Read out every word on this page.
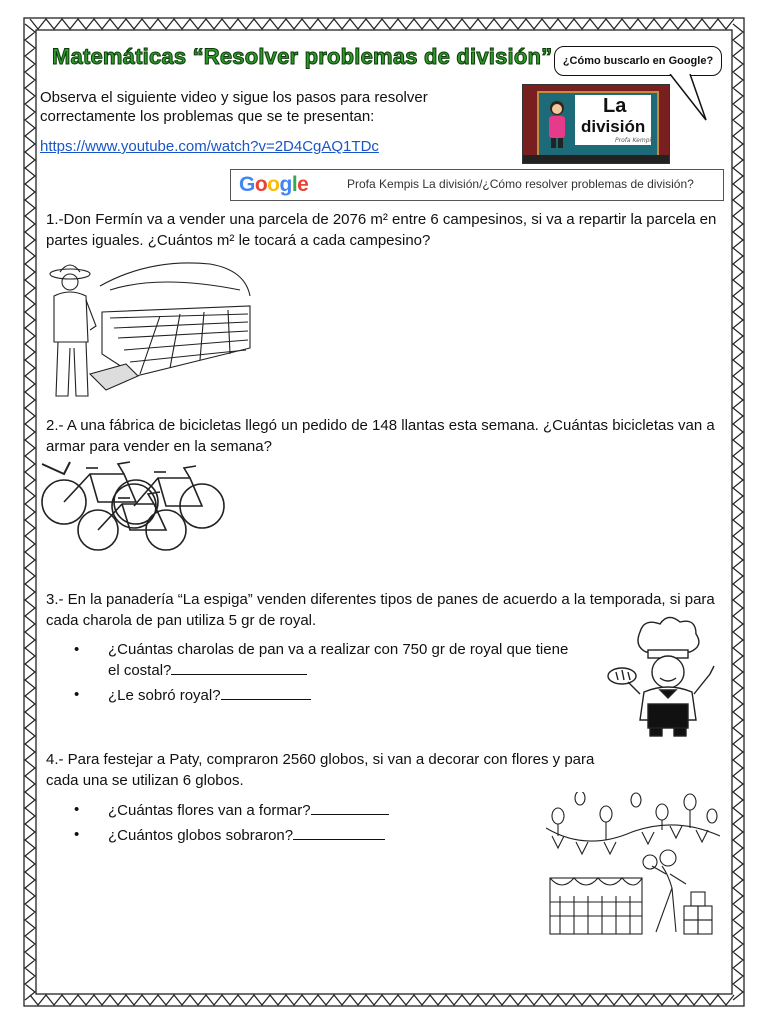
Matemáticas “Resolver problemas de división” ¿Cómo buscarlo en Google?
Observa el siguiente video y sigue los pasos para resolver correctamente los problemas que se te presentan:
https://www.youtube.com/watch?v=2D4CgAQ1TDc
La
división
Profa Kempis
Google	Profa Kempis La división/¿Cómo resolver problemas de división?
1.-Don Fermín va a vender una parcela de 2076 m² entre 6 campesinos, si va a repartir la parcela en partes iguales. ¿Cuántos m² le tocará a cada campesino?
2.- A una fábrica de bicicletas llegó un pedido de 148 llantas esta semana. ¿Cuántas bicicletas van a armar para vender en la semana?
3.- En la panadería “La espiga” venden diferentes tipos de panes de acuerdo a la temporada, si para cada charola de pan utiliza 5 gr de royal.
• ¿Cuántas charolas de pan va a realizar con 750 gr de royal que tiene el costal?
• ¿Le sobró royal?
4.- Para festejar a Paty, compraron 2560 globos, si van a decorar con flores y para cada una se utilizan 6 globos.
• ¿Cuántas flores van a formar?
• ¿Cuántos globos sobraron?
